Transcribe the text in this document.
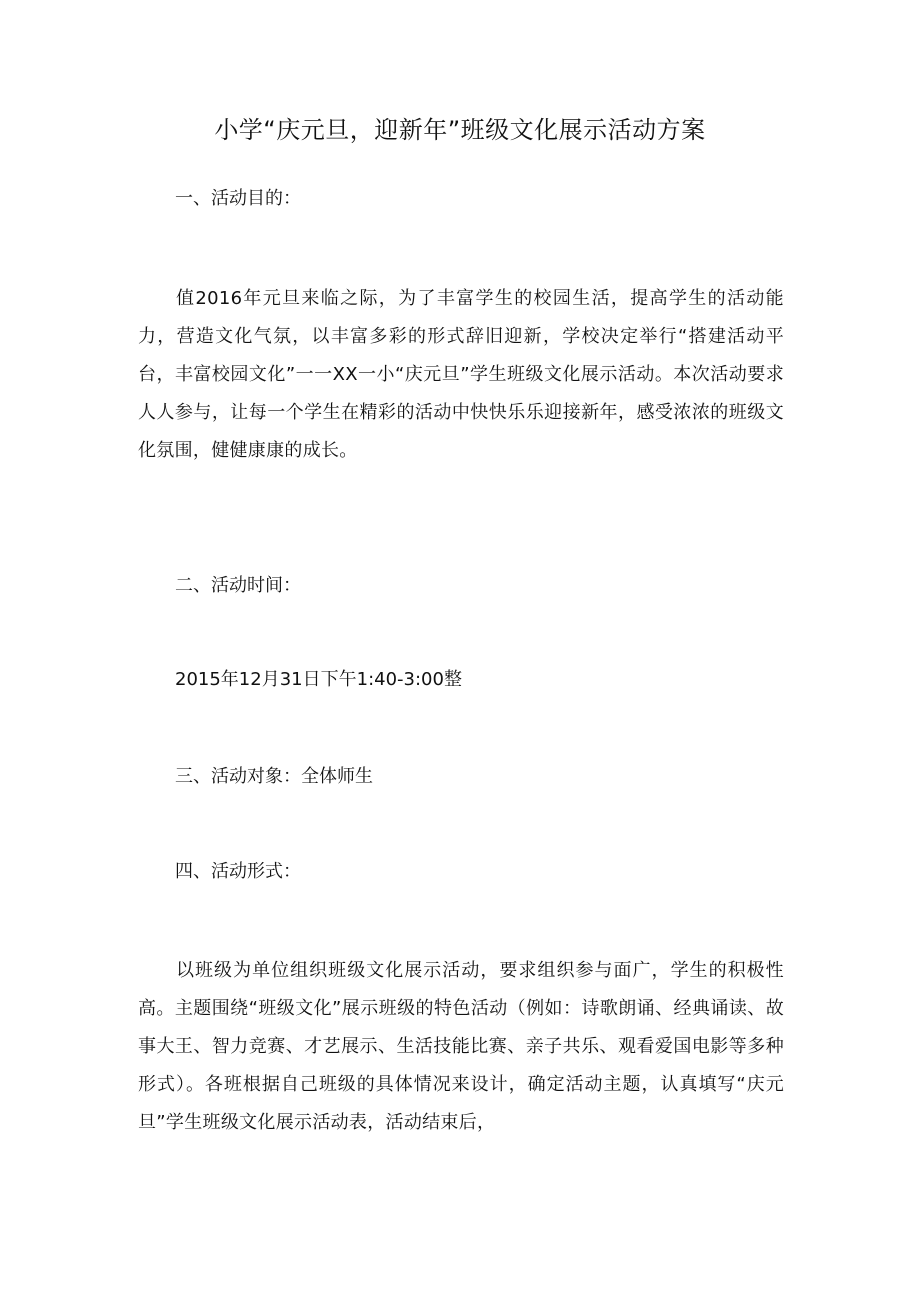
小学“庆元旦，迎新年”班级文化展示活动方案

一、活动目的：

值2016年元旦来临之际，为了丰富学生的校园生活，提高学生的活动能力，营造文化气氛，以丰富多彩的形式辞旧迎新，学校决定举行“搭建活动平台，丰富校园文化”一一XX一小“庆元旦”学生班级文化展示活动。本次活动要求人人参与，让每一个学生在精彩的活动中快快乐乐迎接新年，感受浓浓的班级文化氛围，健健康康的成长。

二、活动时间：

2015年12月31日下午1:40-3:00整

三、活动对象：全体师生

四、活动形式：

以班级为单位组织班级文化展示活动，要求组织参与面广，学生的积极性高。主题围绕“班级文化”展示班级的特色活动（例如：诗歌朗诵、经典诵读、故事大王、智力竞赛、才艺展示、生活技能比赛、亲子共乐、观看爱国电影等多种形式）。各班根据自己班级的具体情况来设计，确定活动主题，认真填写“庆元旦”学生班级文化展示活动表，活动结束后，
